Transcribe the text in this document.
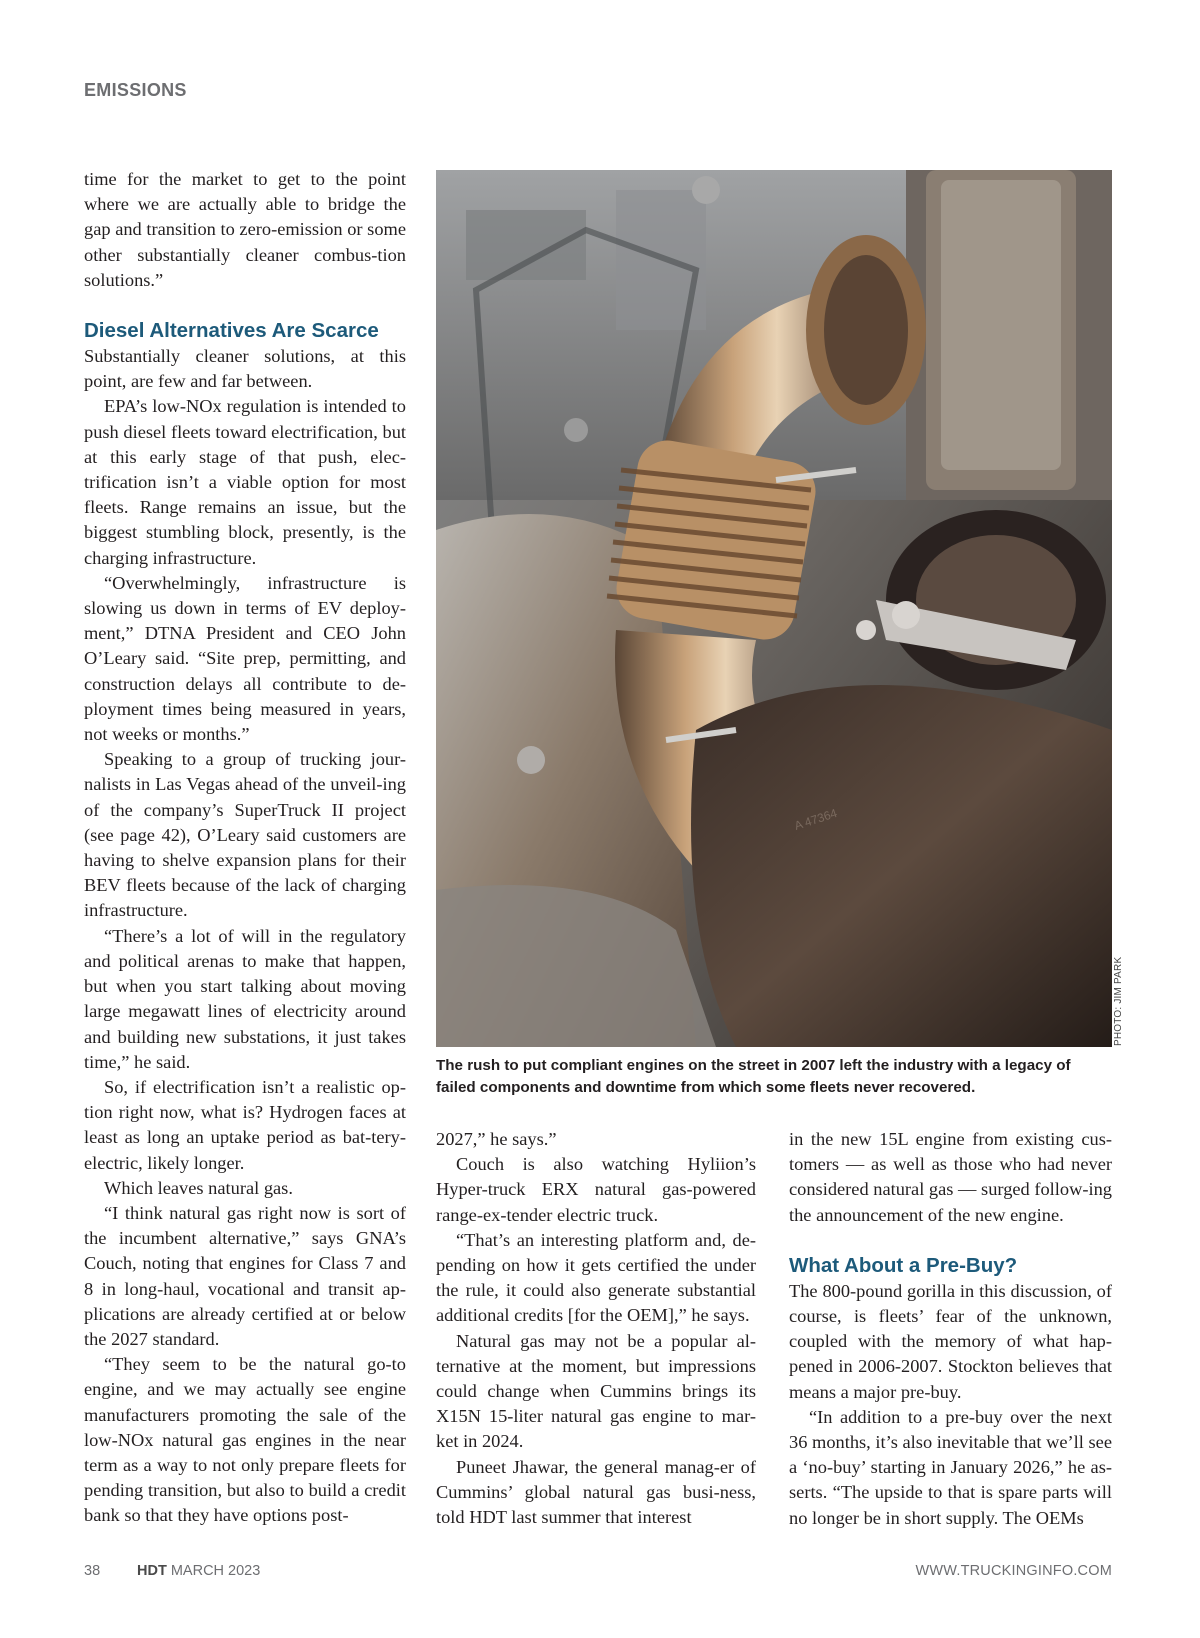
EMISSIONS

time for the market to get to the point where we are actually able to bridge the gap and transition to zero-emission or some other substantially cleaner combus-tion solutions.”

Diesel Alternatives Are Scarce

Substantially cleaner solutions, at this point, are few and far between.

EPA’s low-NOx regulation is intended to push diesel fleets toward electrification, but at this early stage of that push, elec-trification isn’t a viable option for most fleets. Range remains an issue, but the biggest stumbling block, presently, is the charging infrastructure.

“Overwhelmingly, infrastructure is slowing us down in terms of EV deploy-ment,” DTNA President and CEO John O’Leary said. “Site prep, permitting, and construction delays all contribute to de-ployment times being measured in years, not weeks or months.”

Speaking to a group of trucking jour-nalists in Las Vegas ahead of the unveil-ing of the company’s SuperTruck II project (see page 42), O’Leary said customers are having to shelve expansion plans for their BEV fleets because of the lack of charging infrastructure.

“There’s a lot of will in the regulatory and political arenas to make that happen, but when you start talking about moving large megawatt lines of electricity around and building new substations, it just takes time,” he said.

So, if electrification isn’t a realistic op-tion right now, what is? Hydrogen faces at least as long an uptake period as bat-tery-electric, likely longer.

Which leaves natural gas.

“I think natural gas right now is sort of the incumbent alternative,” says GNA’s Couch, noting that engines for Class 7 and 8 in long-haul, vocational and transit ap-plications are already certified at or below the 2027 standard.

“They seem to be the natural go-to engine, and we may actually see engine manufacturers promoting the sale of the low-NOx natural gas engines in the near term as a way to not only prepare fleets for pending transition, but also to build a credit bank so that they have options post-

A 47364
PHOTO: JIM PARK
The rush to put compliant engines on the street in 2007 left the industry with a legacy of failed components and downtime from which some fleets never recovered.

2027,” he says.”

Couch is also watching Hyliion’s Hyper-truck ERX natural gas-powered range-ex-tender electric truck.

“That’s an interesting platform and, de-pending on how it gets certified the under the rule, it could also generate substantial additional credits [for the OEM],” he says.

Natural gas may not be a popular al-ternative at the moment, but impressions could change when Cummins brings its X15N 15-liter natural gas engine to mar-ket in 2024.

Puneet Jhawar, the general manag-er of Cummins’ global natural gas busi-ness, told HDT last summer that interest

in the new 15L engine from existing cus-tomers — as well as those who had never considered natural gas — surged follow-ing the announcement of the new engine.

What About a Pre-Buy?

The 800-pound gorilla in this discussion, of course, is fleets’ fear of the unknown, coupled with the memory of what hap-pened in 2006-2007. Stockton believes that means a major pre-buy.

“In addition to a pre-buy over the next 36 months, it’s also inevitable that we’ll see a ‘no-buy’ starting in January 2026,” he as-serts. “The upside to that is spare parts will no longer be in short supply. The OEMs

38	HDT MARCH 2023	WWW.TRUCKINGINFO.COM
